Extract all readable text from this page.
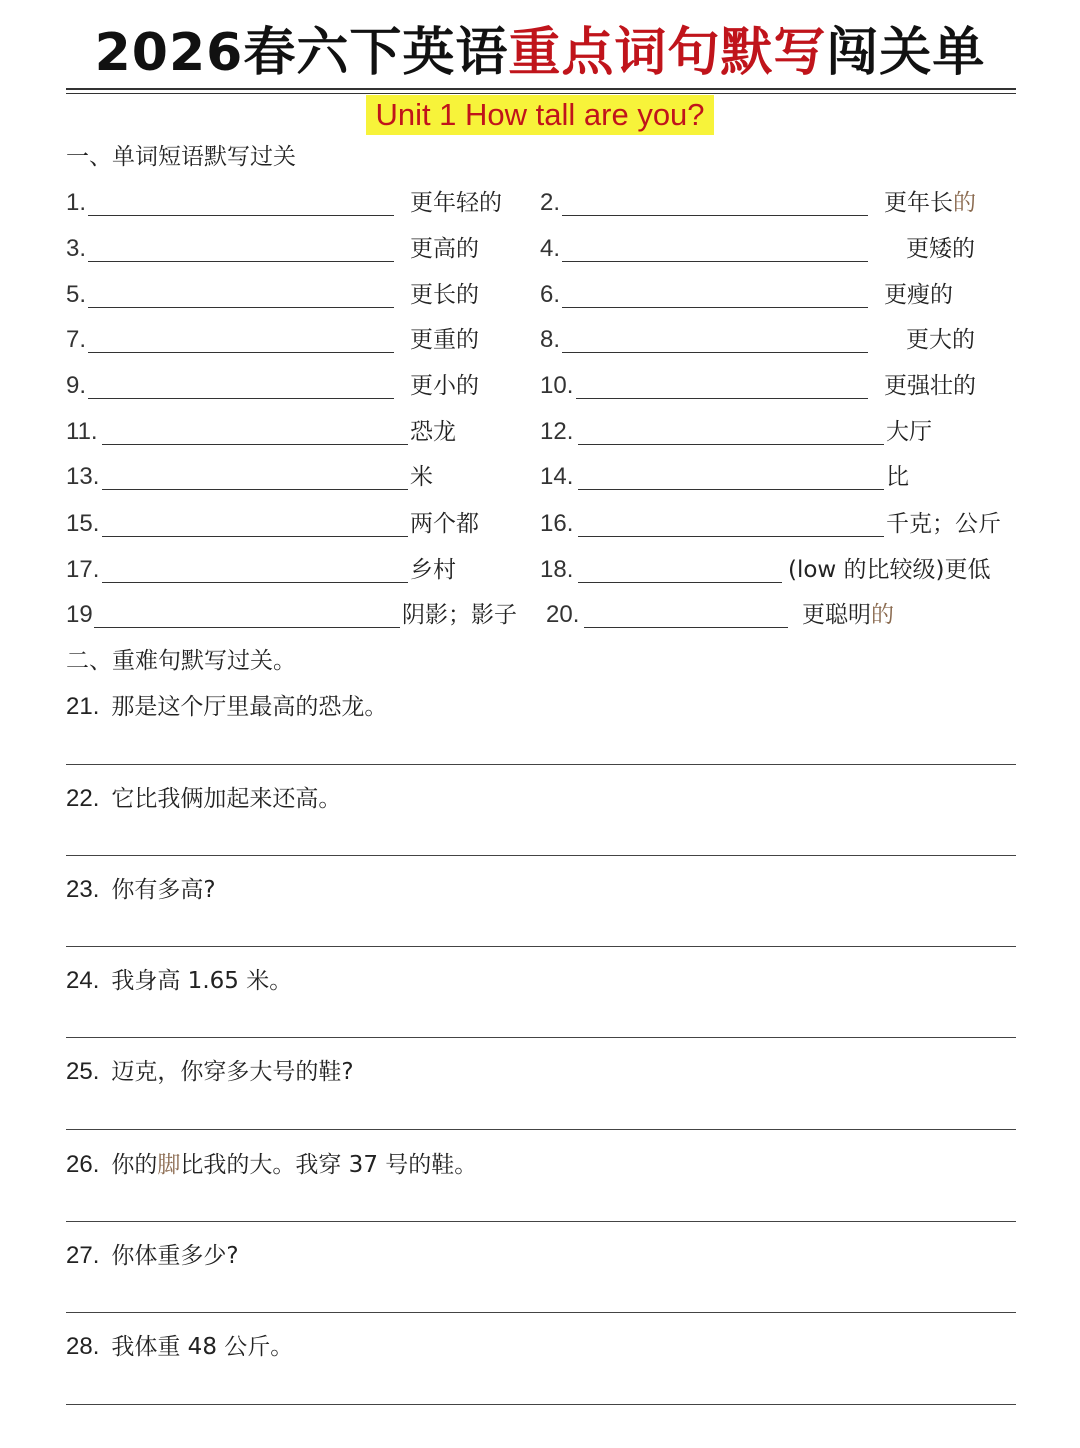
2026春六下英语重点词句默写闯关单
Unit 1 How tall are you?
一、单词短语默写过关
1.	更年轻的 2.	更年长的
3.	更高的	4.	更矮的
5.	更长的	6.	更瘦的
7.	更重的	8.	更大的
9.	更小的	10.	更强壮的
11.	恐龙	12.	大厅
13.	米	14.	比
15.	两个都	16.	千克；公斤
17.	乡村	18.	(low 的比较级)更低
19	阴影；影子 20.	更聪明的
二、重难句默写过关。
21. 那是这个厅里最高的恐龙。
22. 它比我俩加起来还高。
23. 你有多高?
24. 我身高 1.65 米。
25. 迈克，你穿多大号的鞋?
26. 你的脚比我的大。我穿 37 号的鞋。
27. 你体重多少?
28. 我体重 48 公斤。
